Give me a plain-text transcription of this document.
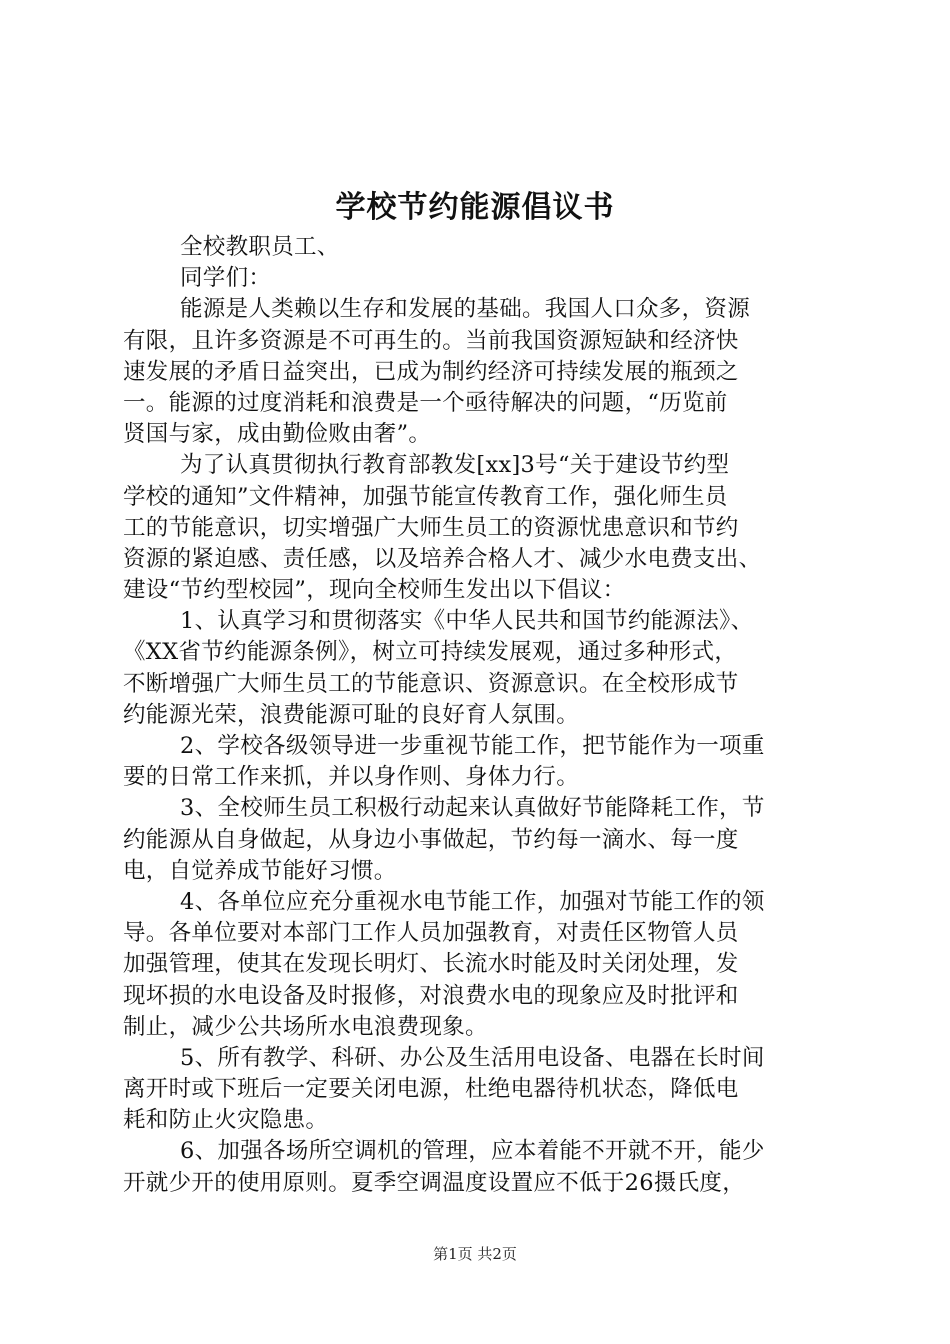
学校节约能源倡议书
全校教职员工、
同学们：
能源是人类赖以生存和发展的基础。我国人口众多，资源
有限，且许多资源是不可再生的。当前我国资源短缺和经济快
速发展的矛盾日益突出，已成为制约经济可持续发展的瓶颈之
一。能源的过度消耗和浪费是一个亟待解决的问题，“历览前
贤国与家，成由勤俭败由奢”。
为了认真贯彻执行教育部教发[xx]3号“关于建设节约型
学校的通知”文件精神，加强节能宣传教育工作，强化师生员
工的节能意识，切实增强广大师生员工的资源忧患意识和节约
资源的紧迫感、责任感，以及培养合格人才、减少水电费支出、
建设“节约型校园”，现向全校师生发出以下倡议：
1、认真学习和贯彻落实《中华人民共和国节约能源法》、
《XX省节约能源条例》，树立可持续发展观，通过多种形式，
不断增强广大师生员工的节能意识、资源意识。在全校形成节
约能源光荣，浪费能源可耻的良好育人氛围。
2、学校各级领导进一步重视节能工作，把节能作为一项重
要的日常工作来抓，并以身作则、身体力行。
3、全校师生员工积极行动起来认真做好节能降耗工作，节
约能源从自身做起，从身边小事做起，节约每一滴水、每一度
电，自觉养成节能好习惯。
4、各单位应充分重视水电节能工作，加强对节能工作的领
导。各单位要对本部门工作人员加强教育，对责任区物管人员
加强管理，使其在发现长明灯、长流水时能及时关闭处理，发
现坏损的水电设备及时报修，对浪费水电的现象应及时批评和
制止，减少公共场所水电浪费现象。
5、所有教学、科研、办公及生活用电设备、电器在长时间
离开时或下班后一定要关闭电源，杜绝电器待机状态，降低电
耗和防止火灾隐患。
6、加强各场所空调机的管理，应本着能不开就不开，能少
开就少开的使用原则。夏季空调温度设置应不低于26摄氏度，
第1页 共2页
